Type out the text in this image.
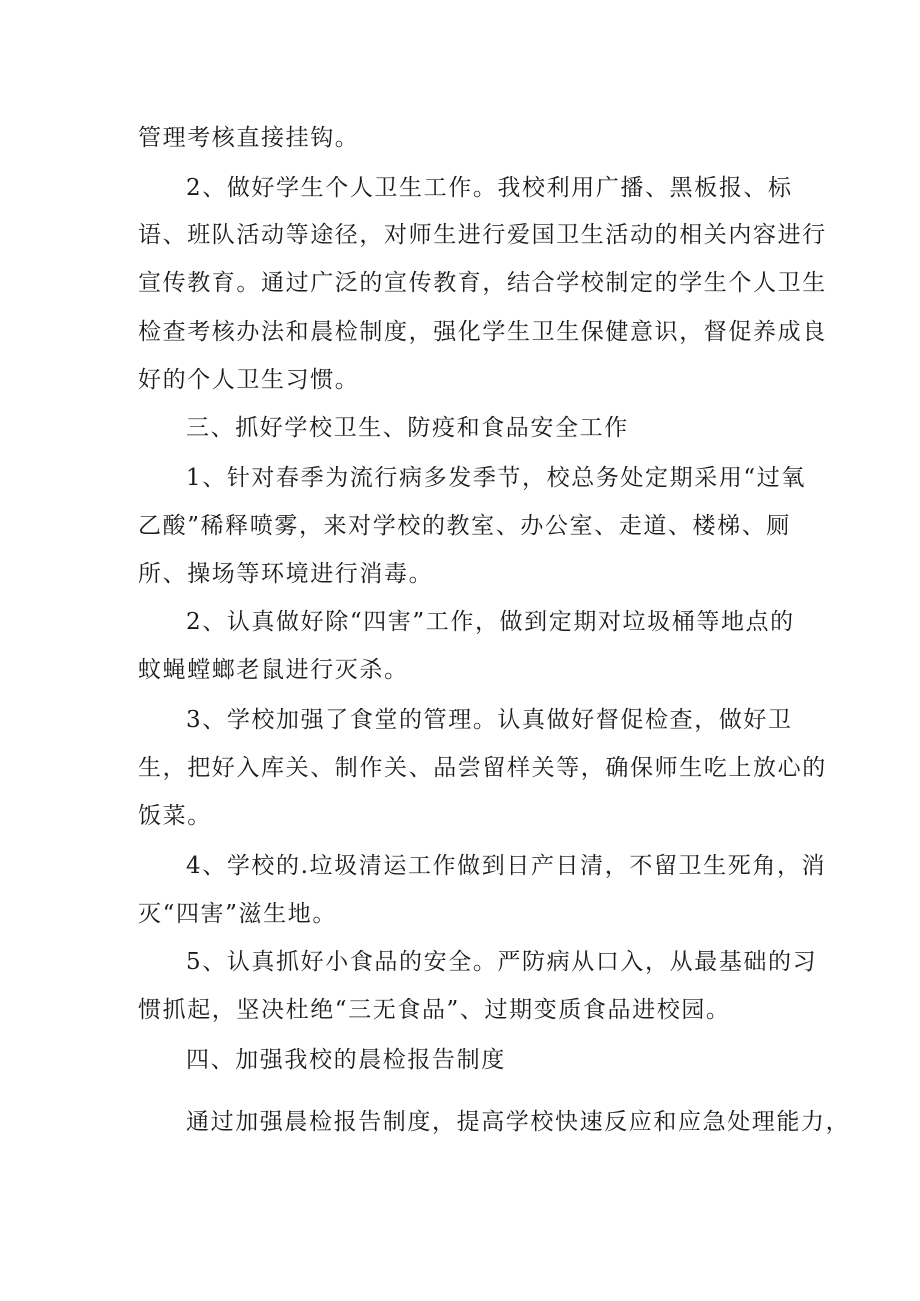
管理考核直接挂钩。

2、做好学生个人卫生工作。我校利用广播、黑板报、标

语、班队活动等途径，对师生进行爱国卫生活动的相关内容进行

宣传教育。通过广泛的宣传教育，结合学校制定的学生个人卫生

检查考核办法和晨检制度，强化学生卫生保健意识，督促养成良

好的个人卫生习惯。

三、抓好学校卫生、防疫和食品安全工作

1、针对春季为流行病多发季节，校总务处定期采用“过氧

乙酸”稀释喷雾，来对学校的教室、办公室、走道、楼梯、厕

所、操场等环境进行消毒。

2、认真做好除“四害”工作，做到定期对垃圾桶等地点的

蚊蝇螳螂老鼠进行灭杀。

3、学校加强了食堂的管理。认真做好督促检查，做好卫

生，把好入库关、制作关、品尝留样关等，确保师生吃上放心的

饭菜。

4、学校的.垃圾清运工作做到日产日清，不留卫生死角，消

灭“四害”滋生地。

5、认真抓好小食品的安全。严防病从口入，从最基础的习

惯抓起，坚决杜绝“三无食品”、过期变质食品进校园。

四、加强我校的晨检报告制度

通过加强晨检报告制度，提高学校快速反应和应急处理能力，
